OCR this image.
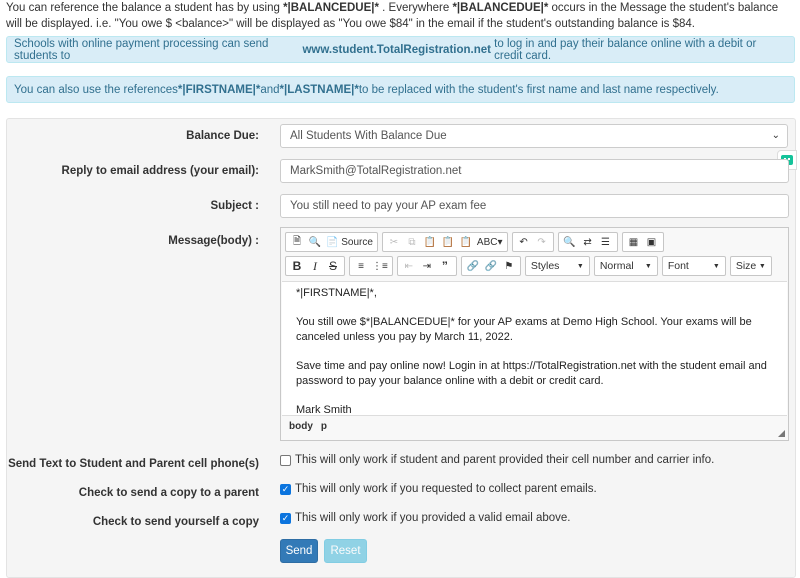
You can reference the balance a student has by using *|BALANCEDUE|* . Everywhere *|BALANCEDUE|* occurs in the Message the student's balance will be displayed. i.e. "You owe $ <balance>" will be displayed as "You owe $84" in the email if the student's outstanding balance is $84.
Schools with online payment processing can send students to
	www.student.TotalRegistration.net
to log in and pay their balance online with a debit or credit card.
You can also use the references *|FIRSTNAME|* and *|LASTNAME|* to be replaced with the student's first name and last name respectively.
Balance Due:	All Students With Balance Due	⌄
Reply to email address (your email):	MarkSmith@TotalRegistration.net
Subject :	You still need to pay your AP exam fee
Message(body) :	🗎 🔍 📄 Source	✂	⧉ 📋 📋 📋 ABC▾	↶ ↷	🔍 ⇄ ☰	▦ ▣
B I S	≡ ⋮≡	⇤ ⇥ ”	🔗 🔗 ⚑	Styles ▼ Normal ▼ Font	▼ Size ▼

*|FIRSTNAME|*,

You still owe $*|BALANCEDUE|* for your AP exams at Demo High School. Your exams will be canceled unless you pay by March 11, 2022.

Save time and pay online now! Login in at https://TotalRegistration.net with the student email and password to pay your balance online with a debit or credit card.

Mark Smith

body p
Send Text to Student and Parent cell phone(s)	This will only work if student and parent provided their cell number and carrier info.
Check to send a copy to a parent	✓ This will only work if you requested to collect parent emails.
Check to send yourself a copy	✓ This will only work if you provided a valid email above.
Send	Reset
